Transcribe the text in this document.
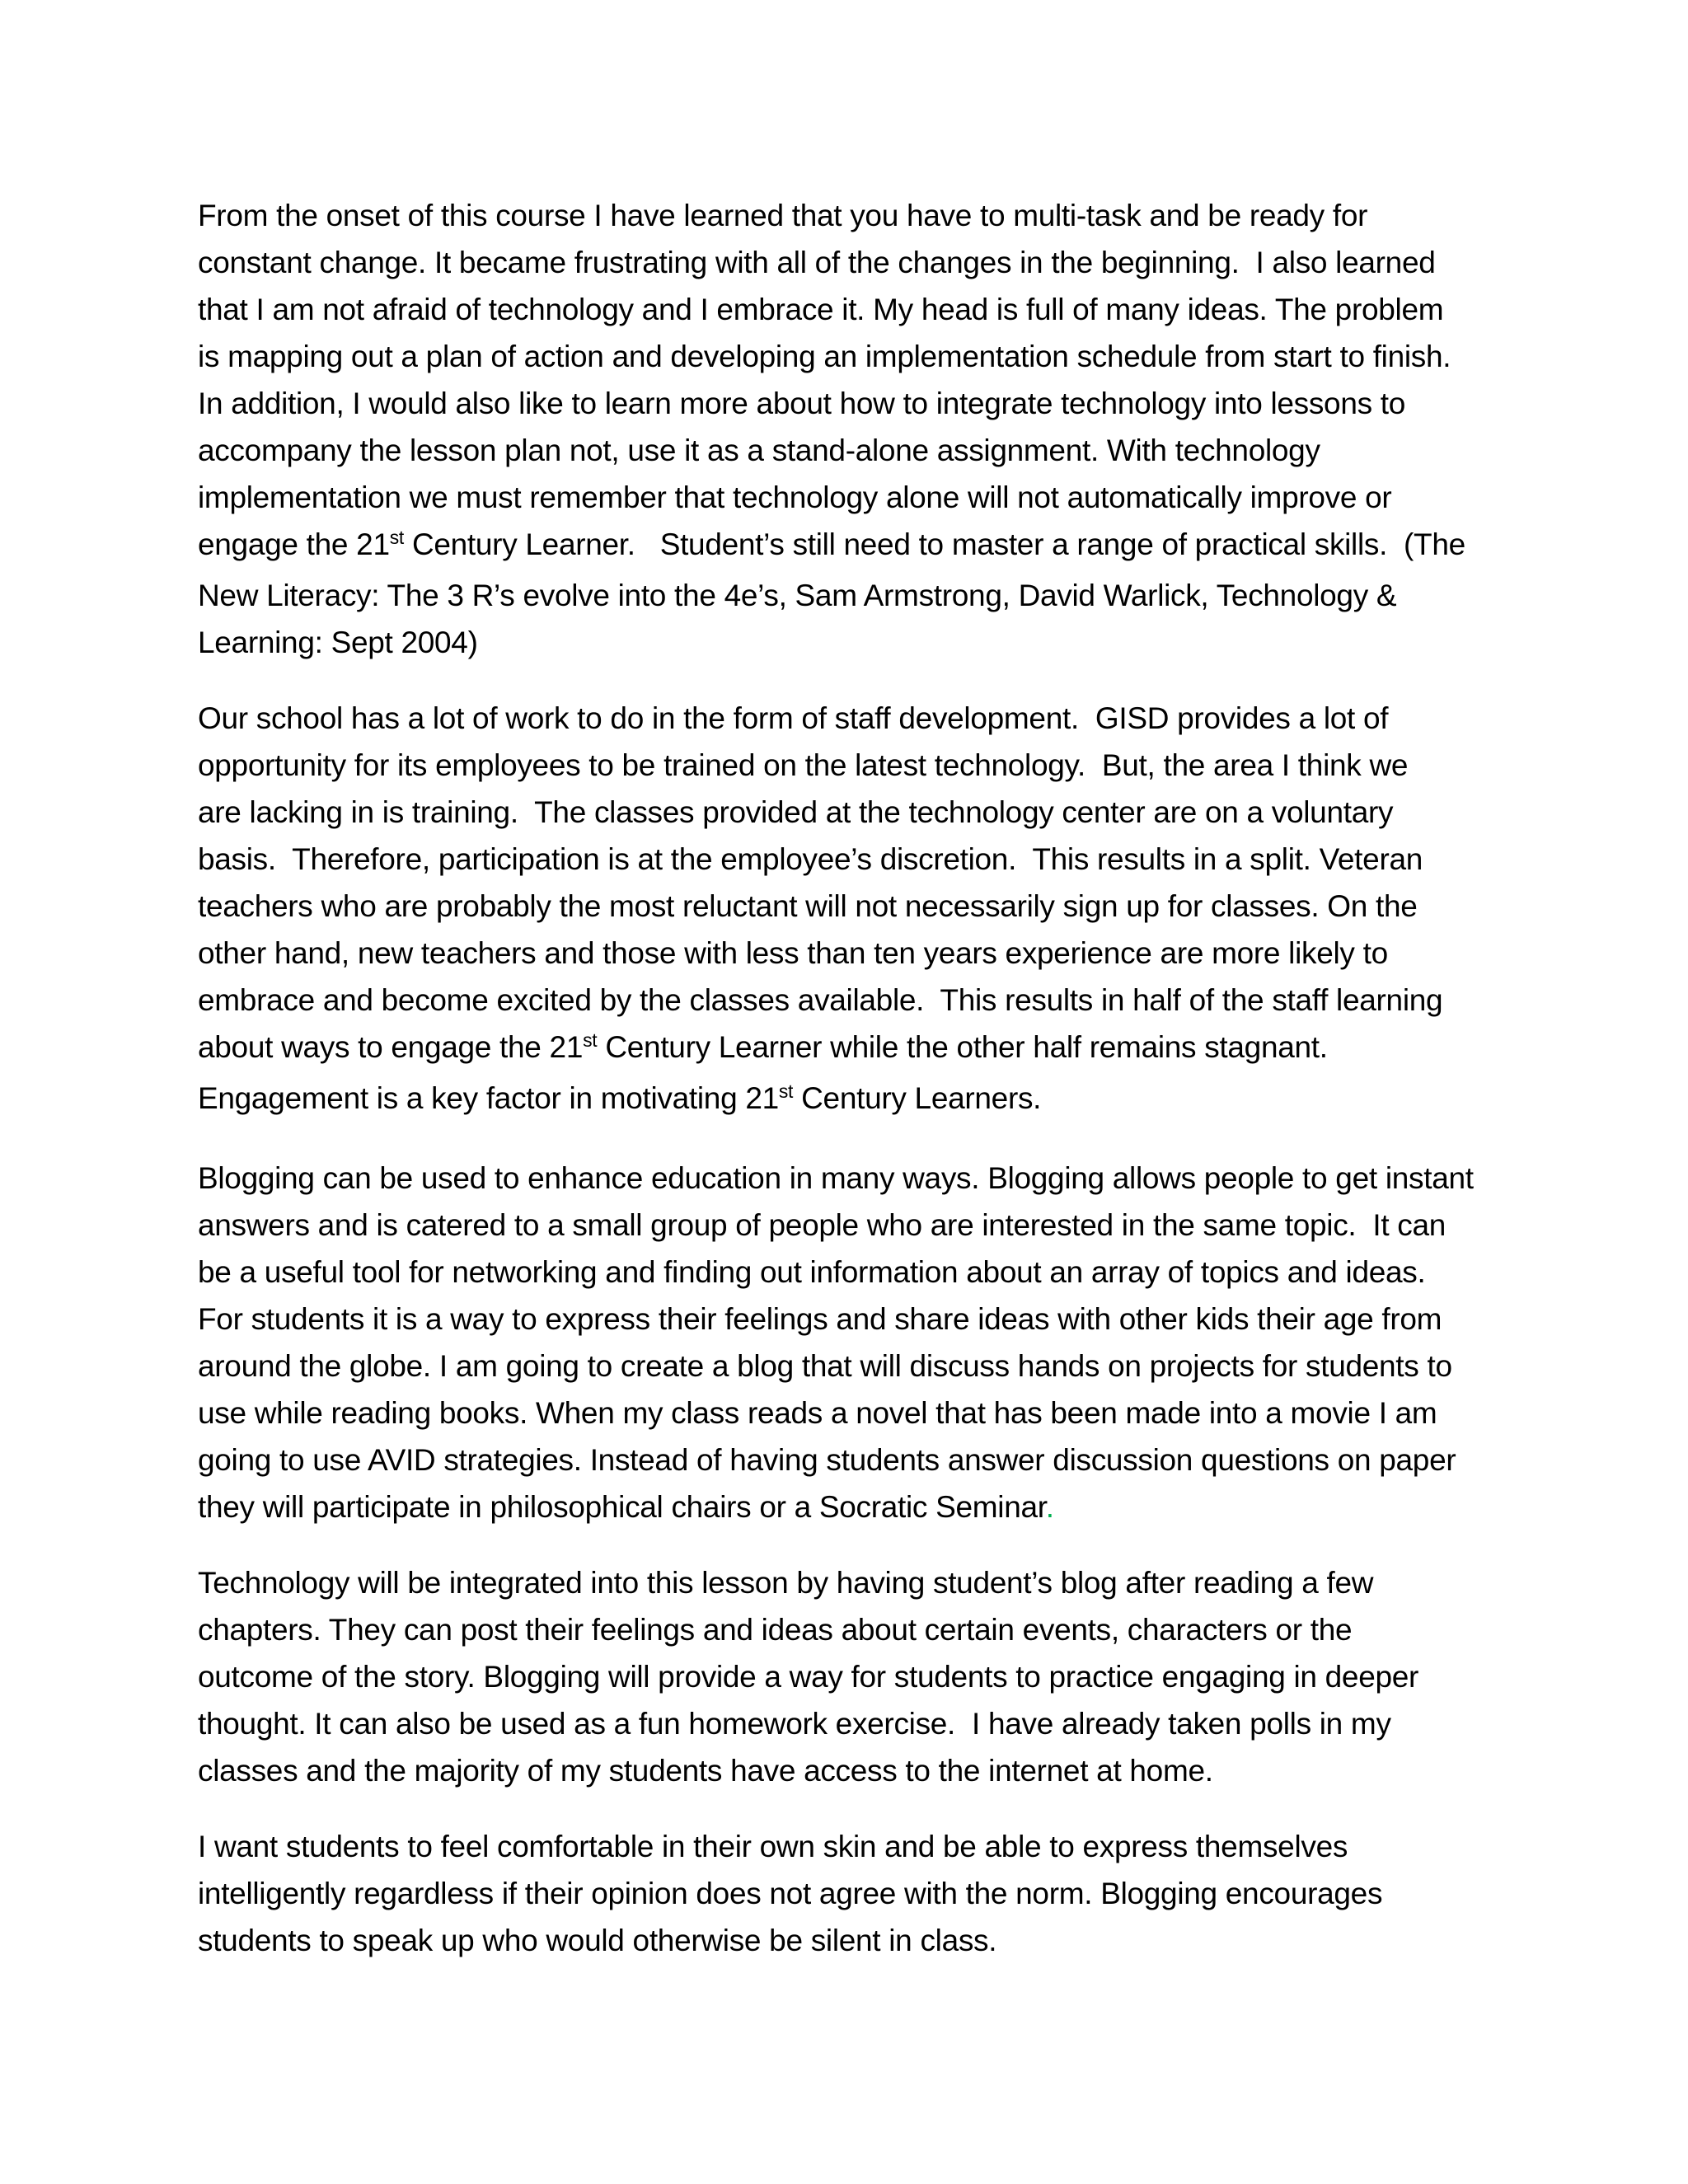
From the onset of this course I have learned that you have to multi-task and be ready for
constant change. It became frustrating with all of the changes in the beginning.  I also learned
that I am not afraid of technology and I embrace it. My head is full of many ideas. The problem
is mapping out a plan of action and developing an implementation schedule from start to finish.
In addition, I would also like to learn more about how to integrate technology into lessons to
accompany the lesson plan not, use it as a stand-alone assignment. With technology
implementation we must remember that technology alone will not automatically improve or
engage the 21st Century Learner.   Student’s still need to master a range of practical skills.  (The
New Literacy: The 3 R’s evolve into the 4e’s, Sam Armstrong, David Warlick, Technology &
Learning: Sept 2004)
Our school has a lot of work to do in the form of staff development.  GISD provides a lot of
opportunity for its employees to be trained on the latest technology.  But, the area I think we
are lacking in is training.  The classes provided at the technology center are on a voluntary
basis.  Therefore, participation is at the employee’s discretion.  This results in a split. Veteran
teachers who are probably the most reluctant will not necessarily sign up for classes. On the
other hand, new teachers and those with less than ten years experience are more likely to
embrace and become excited by the classes available.  This results in half of the staff learning
about ways to engage the 21st Century Learner while the other half remains stagnant.
Engagement is a key factor in motivating 21st Century Learners.
Blogging can be used to enhance education in many ways. Blogging allows people to get instant
answers and is catered to a small group of people who are interested in the same topic.  It can
be a useful tool for networking and finding out information about an array of topics and ideas.
For students it is a way to express their feelings and share ideas with other kids their age from
around the globe. I am going to create a blog that will discuss hands on projects for students to
use while reading books. When my class reads a novel that has been made into a movie I am
going to use AVID strategies. Instead of having students answer discussion questions on paper
they will participate in philosophical chairs or a Socratic Seminar.
Technology will be integrated into this lesson by having student’s blog after reading a few
chapters. They can post their feelings and ideas about certain events, characters or the
outcome of the story. Blogging will provide a way for students to practice engaging in deeper
thought. It can also be used as a fun homework exercise.  I have already taken polls in my
classes and the majority of my students have access to the internet at home.
I want students to feel comfortable in their own skin and be able to express themselves
intelligently regardless if their opinion does not agree with the norm. Blogging encourages
students to speak up who would otherwise be silent in class.
